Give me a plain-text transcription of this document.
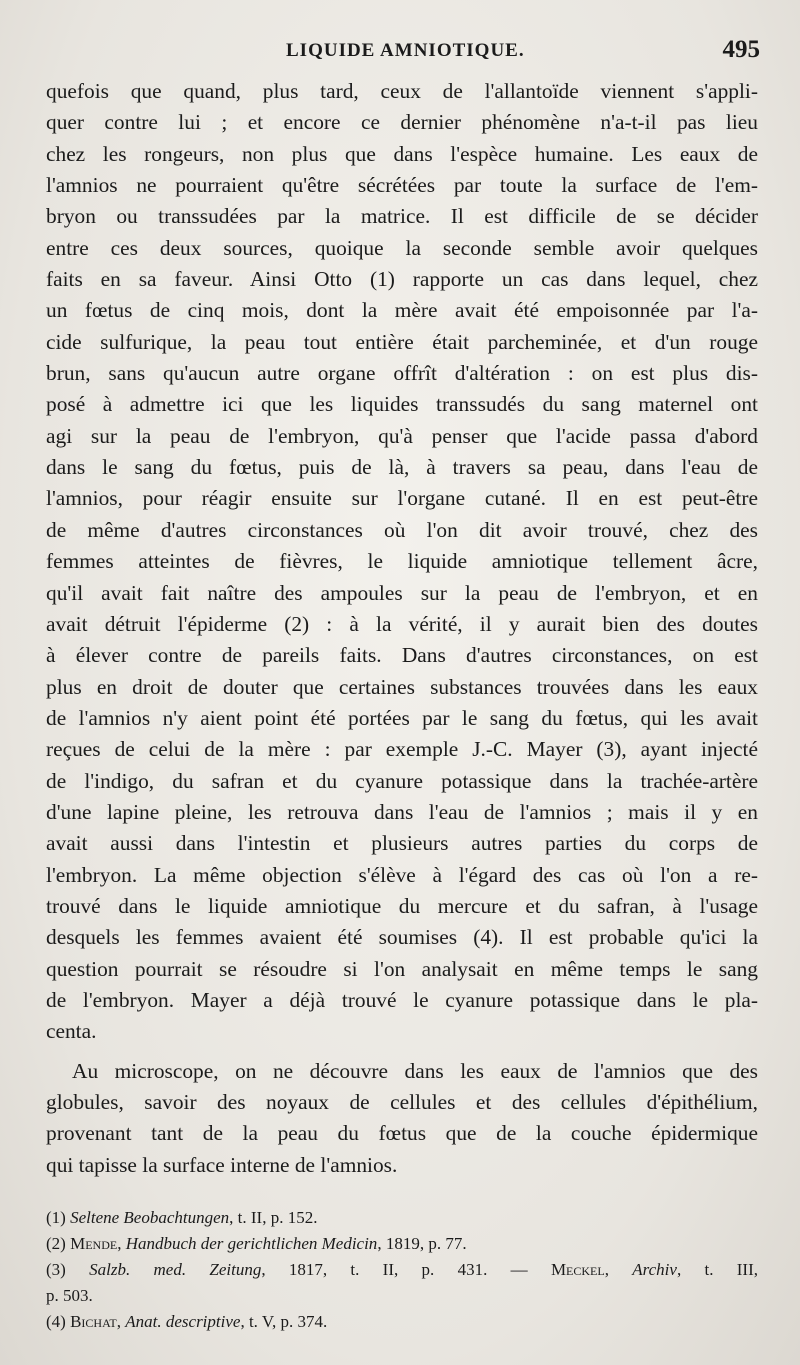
LIQUIDE AMNIOTIQUE.	495
quefois que quand, plus tard, ceux de l'allantoïde viennent s'appli-
quer contre lui ; et encore ce dernier phénomène n'a-t-il pas lieu
chez les rongeurs, non plus que dans l'espèce humaine. Les eaux de
l'amnios ne pourraient qu'être sécrétées par toute la surface de l'em-
bryon ou transsudées par la matrice. Il est difficile de se décider
entre ces deux sources, quoique la seconde semble avoir quelques
faits en sa faveur. Ainsi Otto (1) rapporte un cas dans lequel, chez
un fœtus de cinq mois, dont la mère avait été empoisonnée par l'a-
cide sulfurique, la peau tout entière était parcheminée, et d'un rouge
brun, sans qu'aucun autre organe offrît d'altération : on est plus dis-
posé à admettre ici que les liquides transsudés du sang maternel ont
agi sur la peau de l'embryon, qu'à penser que l'acide passa d'abord
dans le sang du fœtus, puis de là, à travers sa peau, dans l'eau de
l'amnios, pour réagir ensuite sur l'organe cutané. Il en est peut-être
de même d'autres circonstances où l'on dit avoir trouvé, chez des
femmes atteintes de fièvres, le liquide amniotique tellement âcre,
qu'il avait fait naître des ampoules sur la peau de l'embryon, et en
avait détruit l'épiderme (2) : à la vérité, il y aurait bien des doutes
à élever contre de pareils faits. Dans d'autres circonstances, on est
plus en droit de douter que certaines substances trouvées dans les eaux
de l'amnios n'y aient point été portées par le sang du fœtus, qui les avait
reçues de celui de la mère : par exemple J.-C. Mayer (3), ayant injecté
de l'indigo, du safran et du cyanure potassique dans la trachée-artère
d'une lapine pleine, les retrouva dans l'eau de l'amnios ; mais il y en
avait aussi dans l'intestin et plusieurs autres parties du corps de
l'embryon. La même objection s'élève à l'égard des cas où l'on a re-
trouvé dans le liquide amniotique du mercure et du safran, à l'usage
desquels les femmes avaient été soumises (4). Il est probable qu'ici la
question pourrait se résoudre si l'on analysait en même temps le sang
de l'embryon. Mayer a déjà trouvé le cyanure potassique dans le pla-
centa.
Au microscope, on ne découvre dans les eaux de l'amnios que des
globules, savoir des noyaux de cellules et des cellules d'épithélium,
provenant tant de la peau du fœtus que de la couche épidermique
qui tapisse la surface interne de l'amnios.
(1) Seltene Beobachtungen, t. II, p. 152.
(2) Mende, Handbuch der gerichtlichen Medicin, 1819, p. 77.
(3) Salzb. med. Zeitung, 1817, t. II, p. 431. — Meckel, Archiv, t. III,
p. 503.
(4) Bichat, Anat. descriptive, t. V, p. 374.
